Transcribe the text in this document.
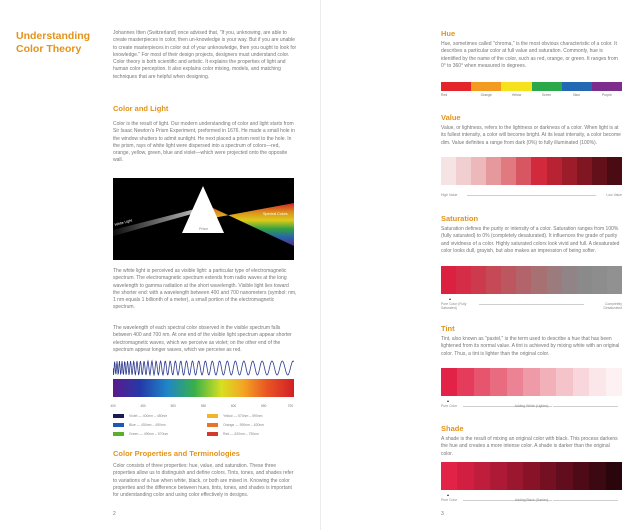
Understanding Color Theory
Johannes Itten (Switzerland) once advised that, "If you, unknowing, are able to create masterpieces in color, then un-knowledge is your way. But if you are unable to create masterpieces in color out of your unknowledge, then you ought to look for knowledge." For most of their design projects, designers must understand color. Color theory is both scientific and artistic. It explains the properties of light and human color perception. It also explains color mixing, models, and matching techniques that are helpful when designing.
Color and Light
Color is the result of light. Our modern understanding of color and light starts from Sir Isaac Newton's Prism Experiment, preformed in 1676. He made a small hole in the window shutters to admit sunlight. He next placed a prism next to the hole. In the prism, rays of white light were dispersed into a spectrum of colors—red, orange, yellow, green, blue and violet—which were projected onto the opposite wall.
White Light
Spectral Colors
Prism
The white light is perceived as visible light: a particular type of electromagnetic spectrum. The electromagnetic spectrum extends from radio waves at the long wavelength to gamma radiation at the short wavelength. Visible light lies toward the shorter end: with a wavelength between 400 and 700 nanometers (symbol: nm, 1 nm equals 1 billionth of a meter), a small portion of the electromagnetic spectrum.
The wavelength of each spectral color observed in the visible spectrum falls between 400 and 700 nm. At one end of the visible light spectrum appear shorter electromagnetic waves, which we perceive as violet; on the other end of the spectrum appear longer waves, which we perceive as red.
400	450	500	550	600	650	700
Violet — 400nm – 450nm
Blue — 450nm – 490nm
Green — 490nm – 570nm
Yellow — 570nm – 590nm
Orange — 590nm – 620nm
Red — 620nm – 750nm
Color Properties and Terminologies
Color consists of three properties: hue, value, and saturation. These three properties allow us to distinguish and define colors. Tints, tones, and shades refer to variations of a hue when white, black, or both are mixed in. Knowing the color properties and the difference between hues, tints, tones, and shades is important for understanding color and using color effectively in designs.
2
Hue
Hue, sometimes called "chroma," is the most obvious characteristic of a color. It describes a particular color at full value and saturation. Commonly, hue is identified by the name of the color, such as red, orange, or green. It ranges from 0° to 360° when measured in degrees.
Red	Orange	Yellow	Green	Blue	Purple
Value
Value, or lightness, refers to the lightness or darkness of a color. When light is at its fullest intensity, a color will become bright. At its least intensity, a color become dim. Value definites a range from dark (0%) to fully illuminated (100%).
High Value	Low Value
Saturation
Saturation defines the purity or intensity of a color. Saturation ranges from 100% (fully saturated) to 0% (completely desaturated). It influences the grade of purity and vividness of a color. Highly saturated colors look vivid and full. A desaturated color looks dull, grayish, but also makes an impression of being softer.
Pure Color (Fully Saturated)
Completely Desaturated
Tint
Tint, also known as "pastel," is the term used to describe a hue that has been lightened from its normal value. A tint is achieved by mixing white with an original color. Thus, a tint is lighter than the original color.
Pure Color	Adding White (Lighter)
Shade
A shade is the result of mixing an original color with black. This process darkens the hue and creates a more intense color. A shade is darker than the original color.
Pure Color	Adding Black (Darker)
3
